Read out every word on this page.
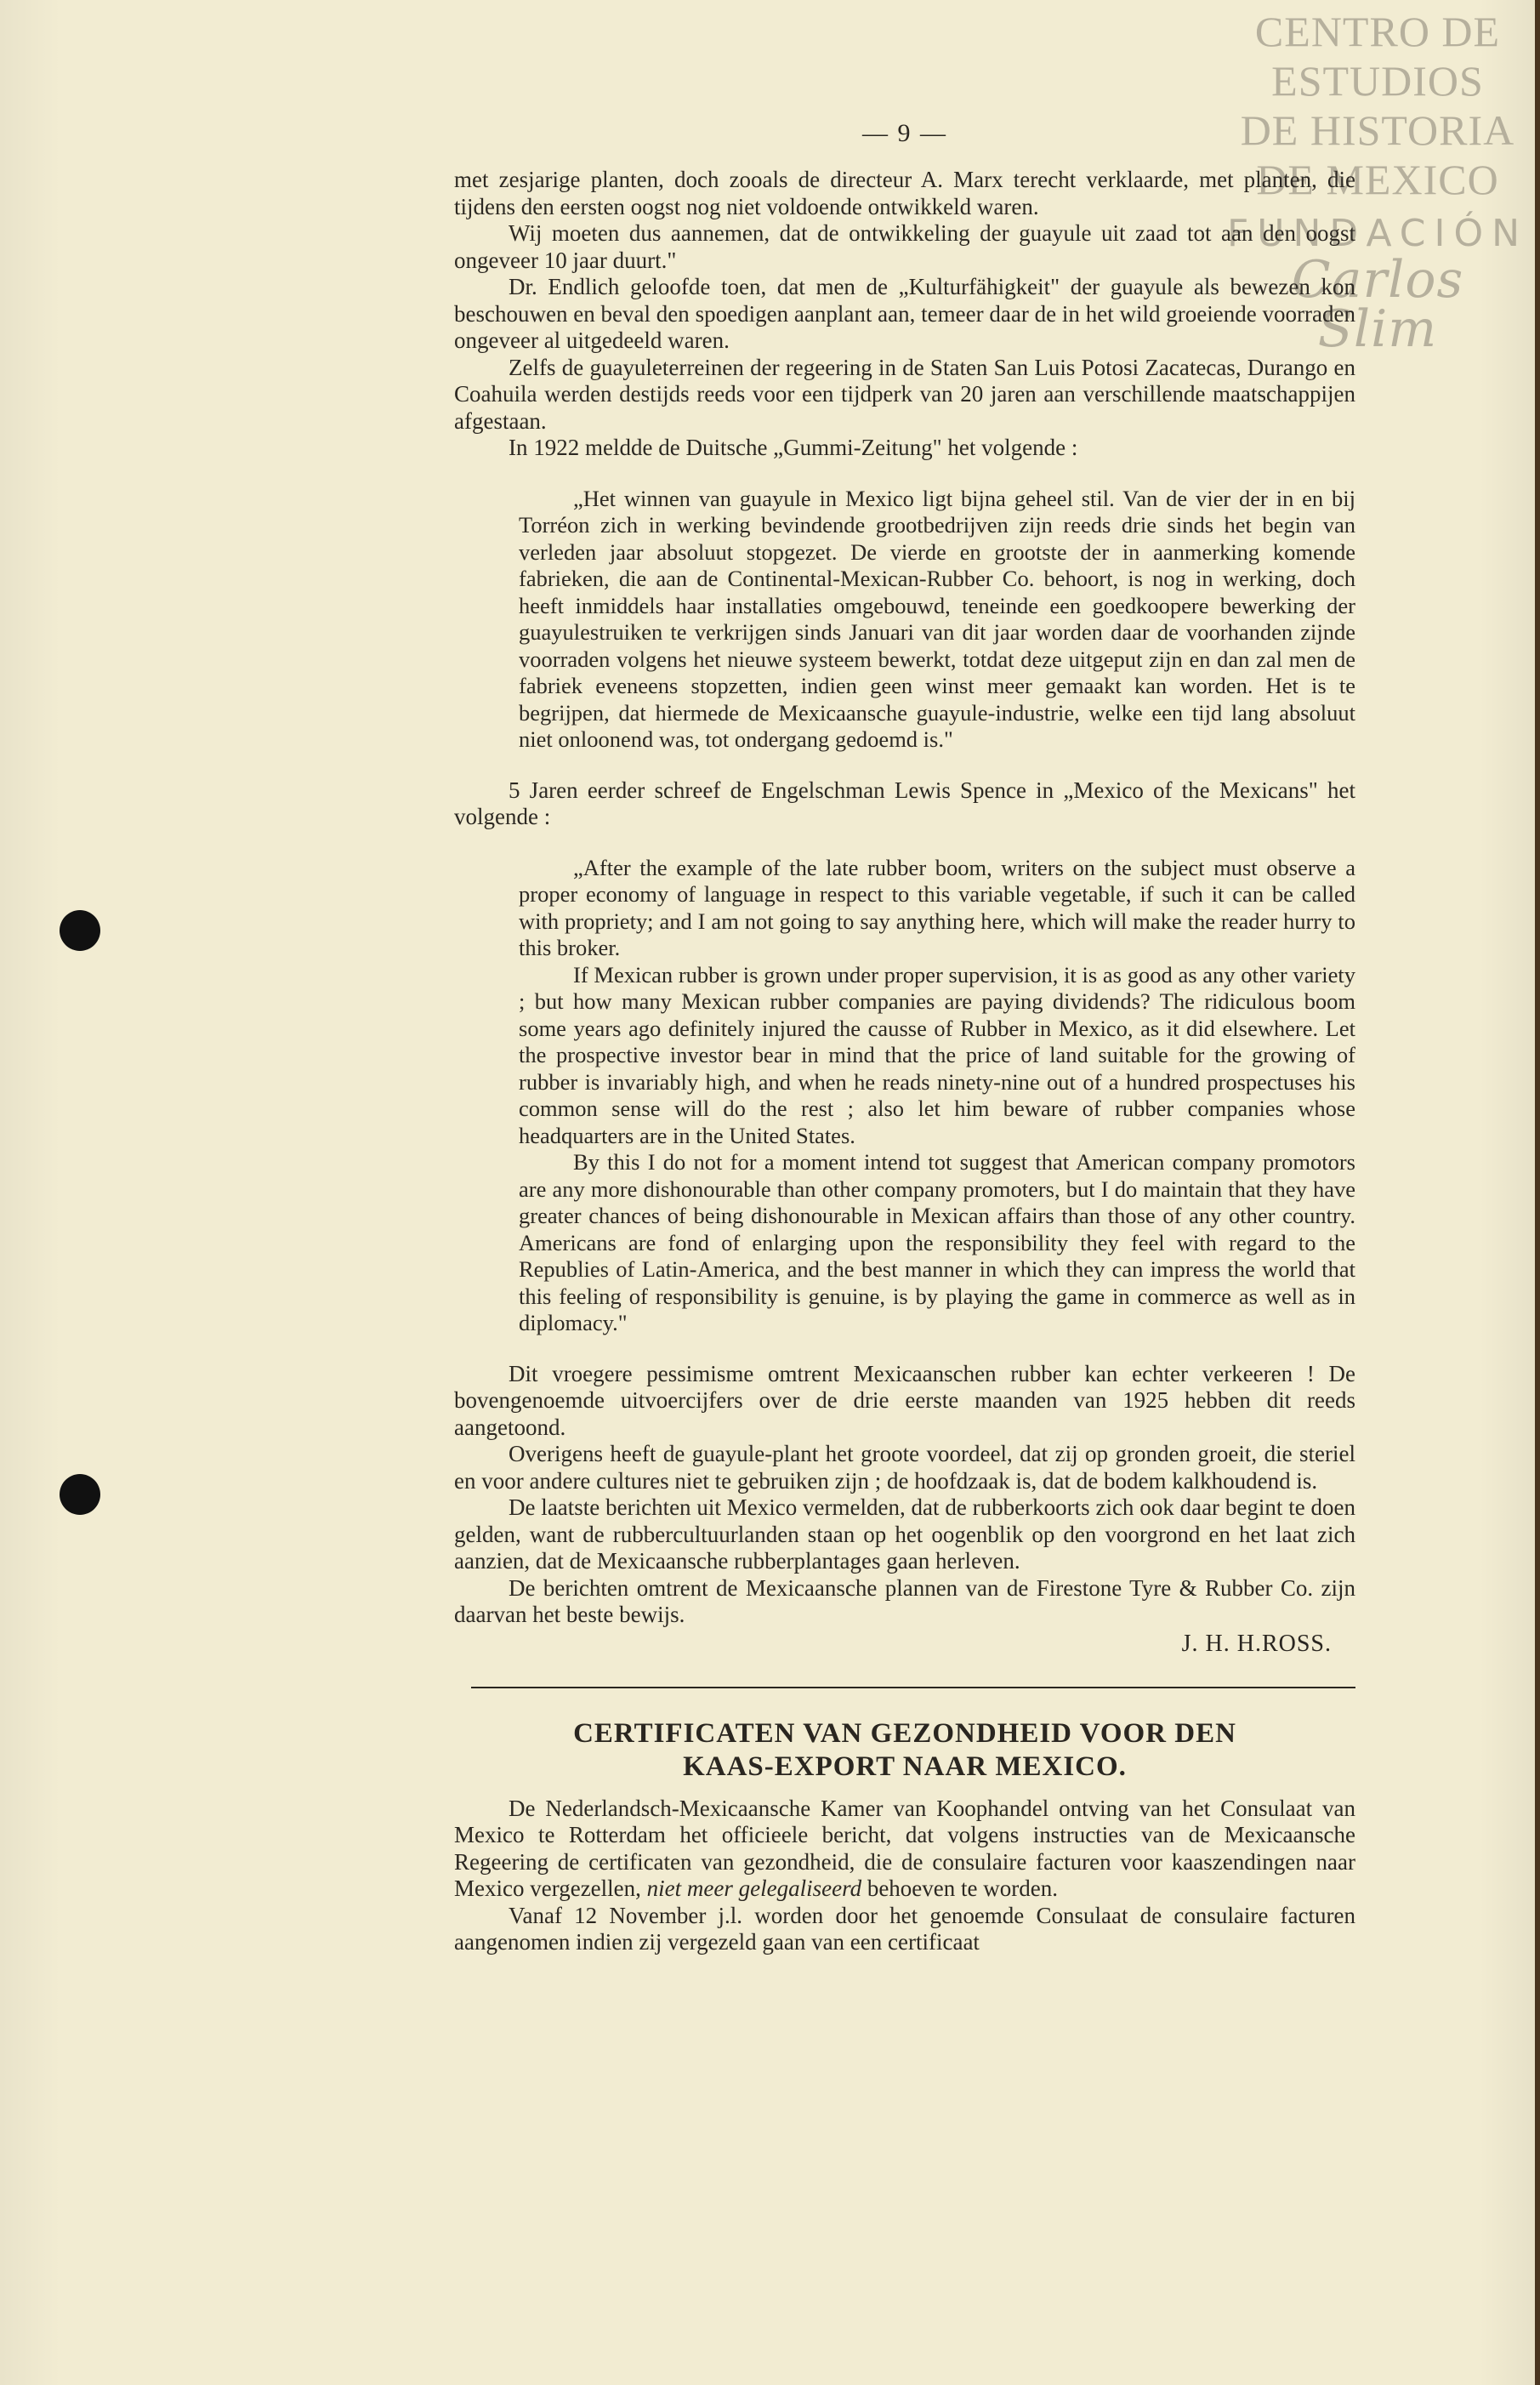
CENTRO DE
ESTUDIOS
DE HISTORIA
DE MEXICO
FUNDACIÓN
Carlos Slim
— 9 —

met zesjarige planten, doch zooals de directeur A. Marx terecht verklaarde, met planten, die tijdens den eersten oogst nog niet voldoende ontwikkeld waren.

Wij moeten dus aannemen, dat de ontwikkeling der guayule uit zaad tot aan den oogst ongeveer 10 jaar duurt."

Dr. Endlich geloofde toen, dat men de „Kulturfähigkeit" der guayule als bewezen kon beschouwen en beval den spoedigen aanplant aan, temeer daar de in het wild groeiende voorraden ongeveer al uitgedeeld waren.

Zelfs de guayuleterreinen der regeering in de Staten San Luis Potosi Zacatecas, Durango en Coahuila werden destijds reeds voor een tijdperk van 20 jaren aan verschillende maatschappijen afgestaan.

In 1922 meldde de Duitsche „Gummi-Zeitung" het volgende :

„Het winnen van guayule in Mexico ligt bijna geheel stil. Van de vier der in en bij Torréon zich in werking bevindende grootbedrijven zijn reeds drie sinds het begin van verleden jaar absoluut stopgezet. De vierde en grootste der in aanmerking komende fabrieken, die aan de Continental-Mexican-Rubber Co. behoort, is nog in werking, doch heeft inmiddels haar installaties omgebouwd, teneinde een goedkoopere bewerking der guayulestruiken te verkrijgen sinds Januari van dit jaar worden daar de voorhanden zijnde voorraden volgens het nieuwe systeem bewerkt, totdat deze uitgeput zijn en dan zal men de fabriek eveneens stopzetten, indien geen winst meer gemaakt kan worden. Het is te begrijpen, dat hiermede de Mexicaansche guayule-industrie, welke een tijd lang absoluut niet onloonend was, tot ondergang gedoemd is."

5 Jaren eerder schreef de Engelschman Lewis Spence in „Mexico of the Mexicans" het volgende :

„After the example of the late rubber boom, writers on the subject must observe a proper economy of language in respect to this variable vegetable, if such it can be called with propriety; and I am not going to say anything here, which will make the reader hurry to this broker.

If Mexican rubber is grown under proper supervision, it is as good as any other variety ; but how many Mexican rubber companies are paying dividends? The ridiculous boom some years ago definitely injured the causse of Rubber in Mexico, as it did elsewhere. Let the prospective investor bear in mind that the price of land suitable for the growing of rubber is invariably high, and when he reads ninety-nine out of a hundred prospectuses his common sense will do the rest ; also let him beware of rubber companies whose headquarters are in the United States.

By this I do not for a moment intend tot suggest that American company promotors are any more dishonourable than other company promoters, but I do maintain that they have greater chances of being dishonourable in Mexican affairs than those of any other country. Americans are fond of enlarging upon the responsibility they feel with regard to the Republies of Latin-America, and the best manner in which they can impress the world that this feeling of responsibility is genuine, is by playing the game in commerce as well as in diplomacy."

Dit vroegere pessimisme omtrent Mexicaanschen rubber kan echter verkeeren ! De bovengenoemde uitvoercijfers over de drie eerste maanden van 1925 hebben dit reeds aangetoond.

Overigens heeft de guayule-plant het groote voordeel, dat zij op gronden groeit, die steriel en voor andere cultures niet te gebruiken zijn ; de hoofdzaak is, dat de bodem kalkhoudend is.

De laatste berichten uit Mexico vermelden, dat de rubberkoorts zich ook daar begint te doen gelden, want de rubbercultuurlanden staan op het oogenblik op den voorgrond en het laat zich aanzien, dat de Mexicaansche rubberplantages gaan herleven.

De berichten omtrent de Mexicaansche plannen van de Firestone Tyre & Rubber Co. zijn daarvan het beste bewijs.

J. H. H.ROSS.
CERTIFICATEN VAN GEZONDHEID VOOR DEN
KAAS-EXPORT NAAR MEXICO.

De Nederlandsch-Mexicaansche Kamer van Koophandel ontving van het Consulaat van Mexico te Rotterdam het officieele bericht, dat volgens instructies van de Mexicaansche Regeering de certificaten van gezondheid, die de consulaire facturen voor kaaszendingen naar Mexico vergezellen, niet meer gelegaliseerd behoeven te worden.

Vanaf 12 November j.l. worden door het genoemde Consulaat de consulaire facturen aangenomen indien zij vergezeld gaan van een certificaat
